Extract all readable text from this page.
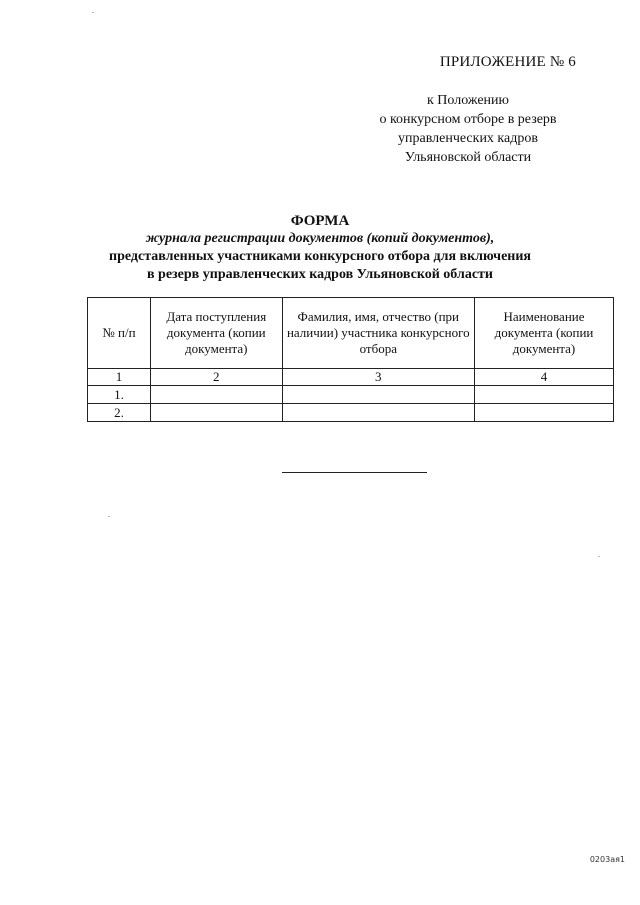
ПРИЛОЖЕНИЕ № 6
к Положению
о конкурсном отборе в резерв
управленческих кадров
Ульяновской области
ФОРМА
журнала регистрации документов (копий документов),
представленных участниками конкурсного отбора для включения
в резерв управленческих кадров Ульяновской области
№ п/п	Дата поступления документа (копии документа)	Фамилия, имя, отчество (при наличии) участника конкурсного отбора	Наименование документа (копии документа)
1	2	3	4
1.			
2.			
0203ая1
